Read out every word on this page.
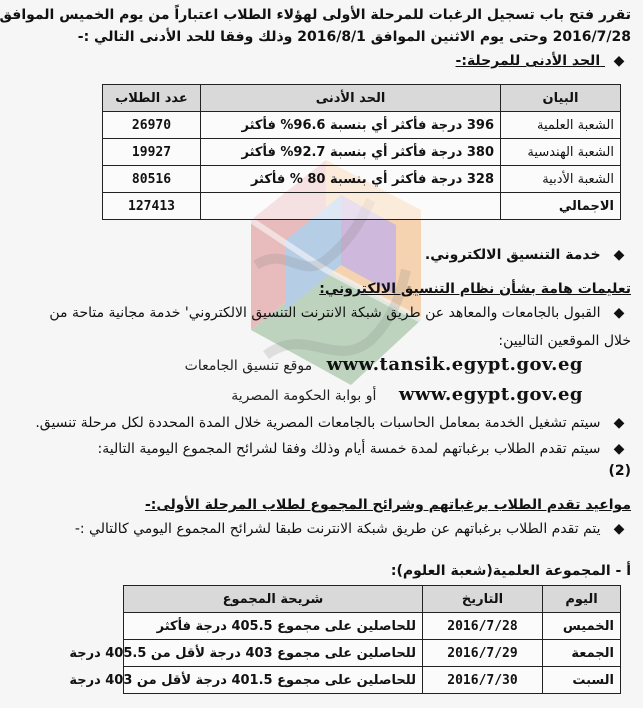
تقرر فتح باب تسجيل الرغبات للمرحلة الأولى لهؤلاء الطلاب اعتباراً من يوم الخميس الموافق
2016/7/28 وحتى يوم الاثنين الموافق 2016/8/1 وذلك وفقا للحد الأدنى التالي :-
◆ الحد الأدنى للمرحلة:-
البيان	الحد الأدنى	عدد الطلاب
الشعبة العلمية	396 درجة فأكثر أي بنسبة 96.6% فأكثر	26970
الشعبة الهندسية	380 درجة فأكثر أي بنسبة 92.7% فأكثر	19927
الشعبة الأدبية	328 درجة فأكثر أي بنسبة 80 % فأكثر	80516
الاجمالي		127413
◆ خدمة التنسيق الالكتروني.
تعليمات هامة بشأن نظام التنسيق الالكتروني:
◆ القبول بالجامعات والمعاهد عن طريق شبكة الانترنت التنسيق الالكتروني' خدمة مجانية متاحة من
خلال الموقعين التاليين:
www.tansik.egypt.gov.eg موقع تنسيق الجامعات
www.egypt.gov.eg أو بوابة الحكومة المصرية
◆ سيتم تشغيل الخدمة بمعامل الحاسبات بالجامعات المصرية خلال المدة المحددة لكل مرحلة تنسيق.
◆ سيتم تقدم الطلاب برغباتهم لمدة خمسة أيام وذلك وفقا لشرائح المجموع اليومية التالية:
(2)
مواعيد تقدم الطلاب برغباتهم وشرائح المجموع لطلاب المرحلة الأولى:-
◆ يتم تقدم الطلاب برغباتهم عن طريق شبكة الانترنت طبقا لشرائح المجموع اليومي كالتالي :-
أ - المجموعة العلمية(شعبة العلوم):
اليوم	التاريخ	شريحة المجموع
الخميس	2016/7/28	للحاصلين على مجموع 405.5 درجة فأكثر
الجمعة	2016/7/29	للحاصلين على مجموع 403 درجة لأقل من 405.5 درجة
السبت	2016/7/30	للحاصلين على مجموع 401.5 درجة لأقل من 403 درجة
